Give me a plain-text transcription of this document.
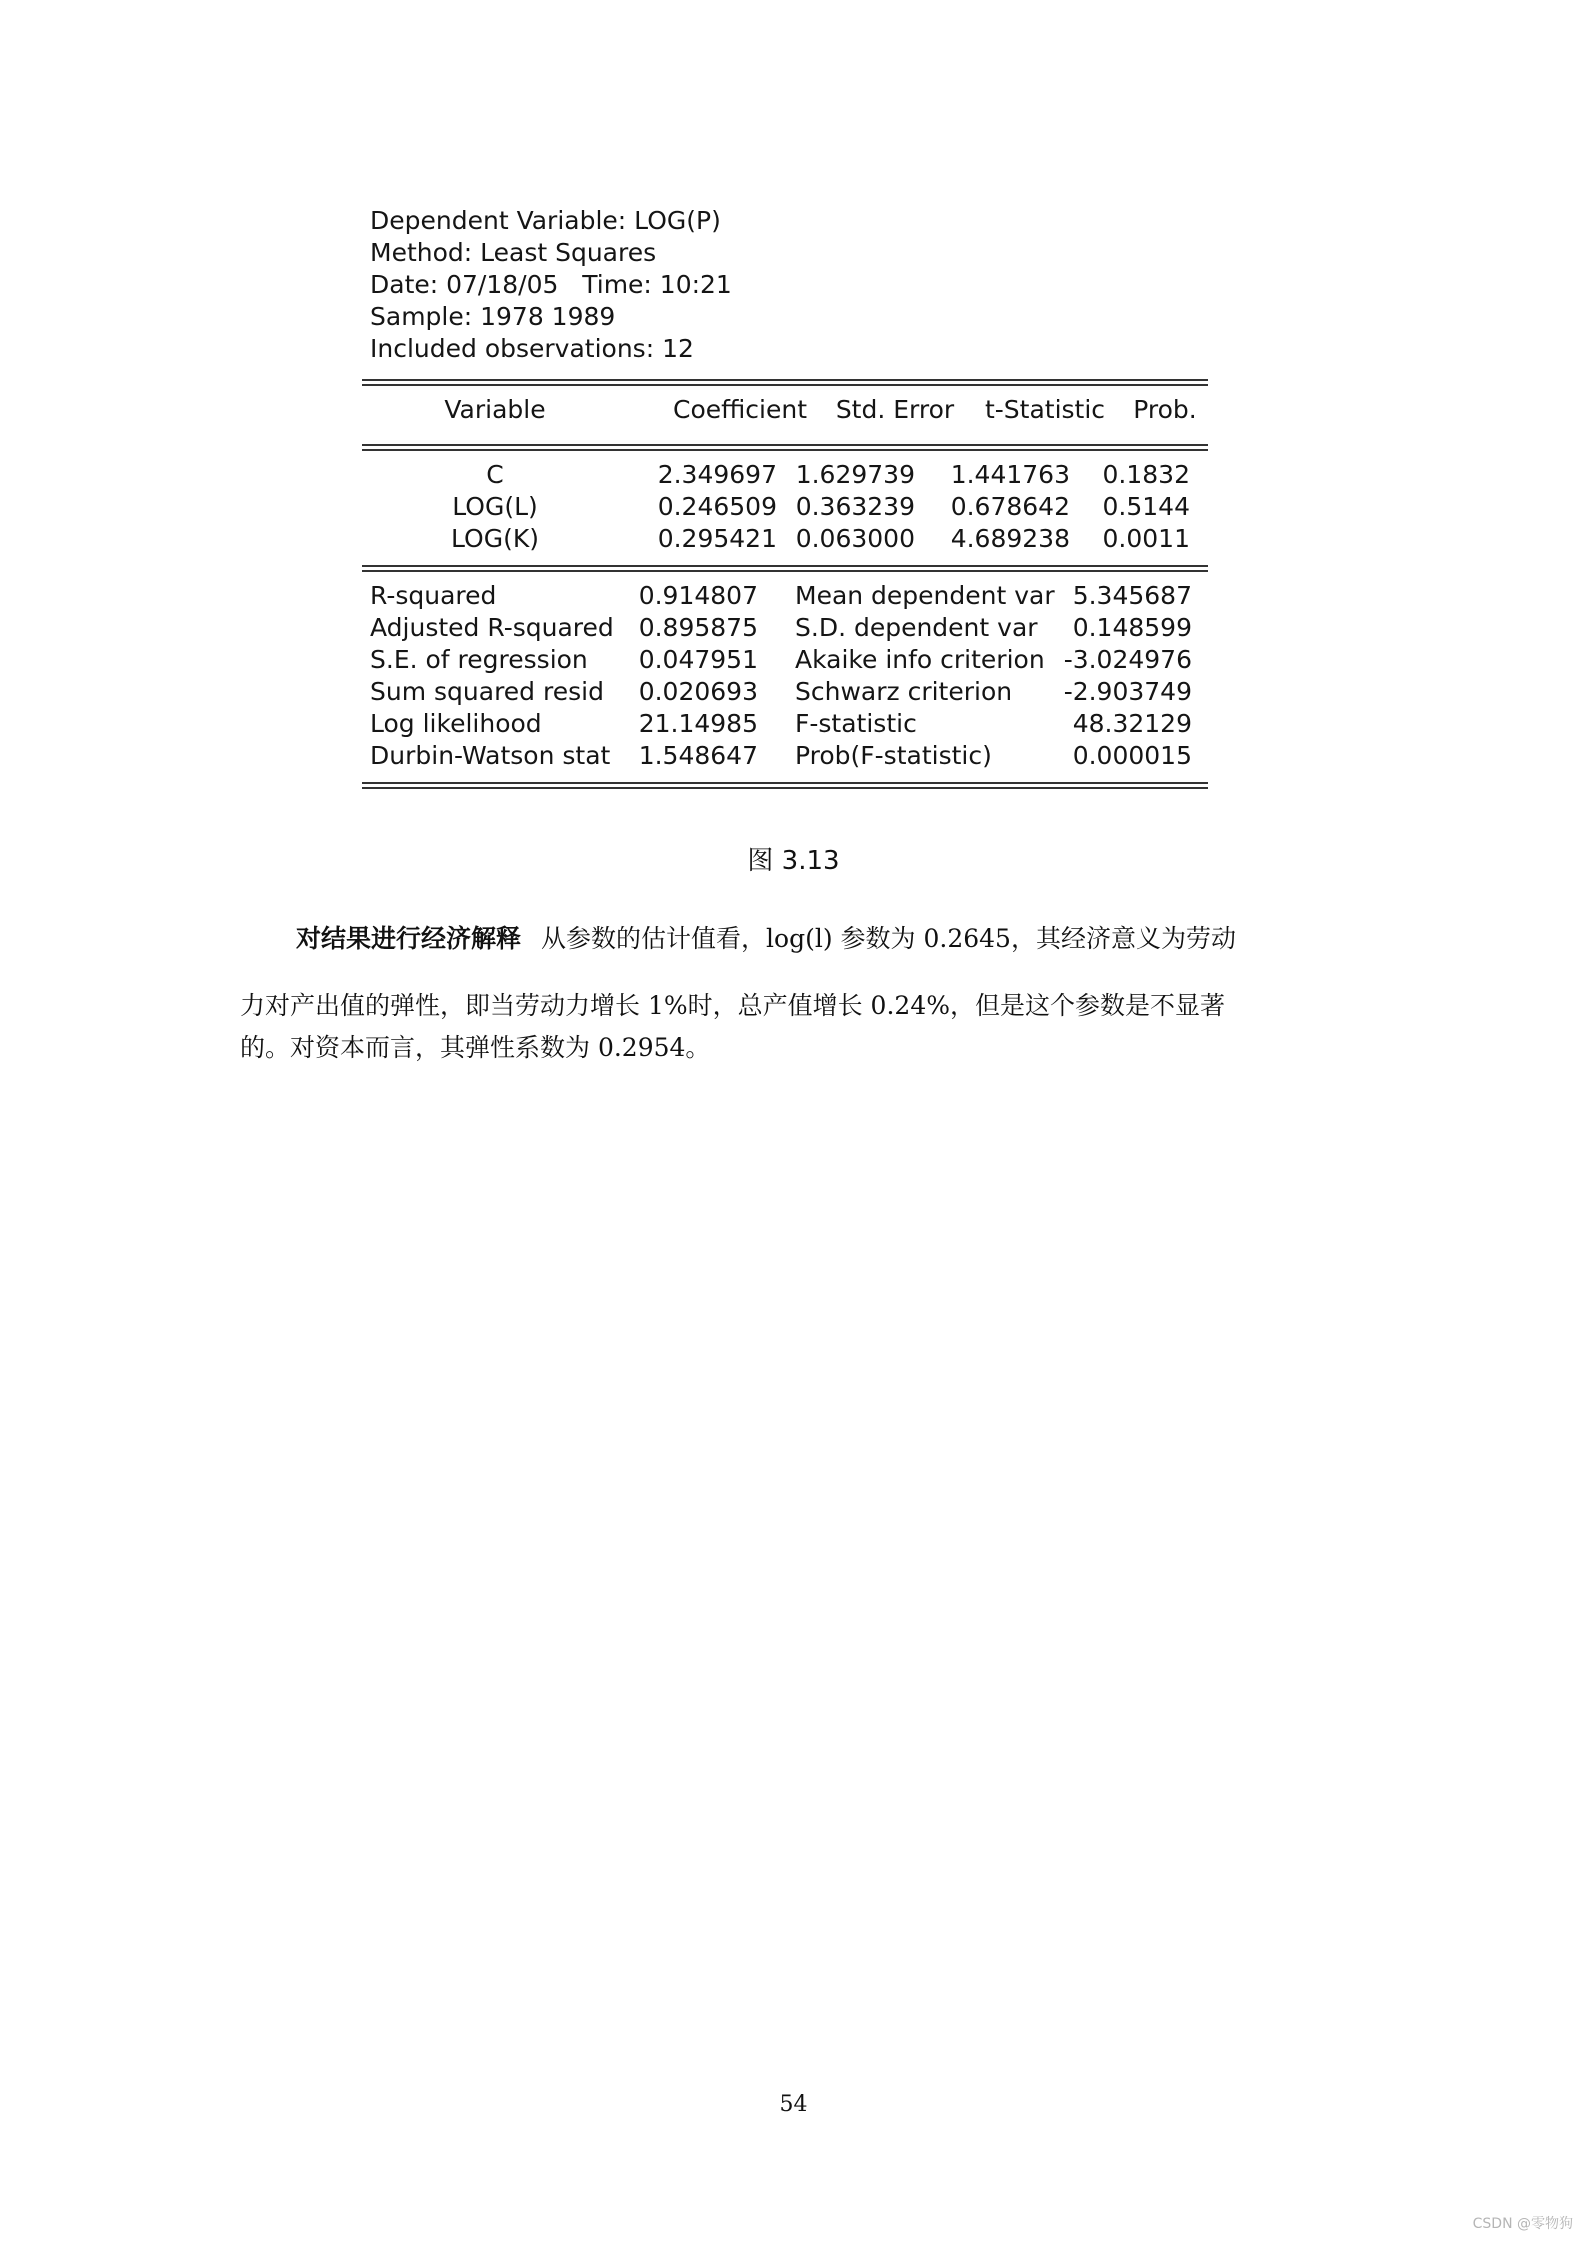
Dependent Variable: LOG(P)
Method: Least Squares
Date: 07/18/05   Time: 10:21
Sample: 1978 1989
Included observations: 12
Variable	Coefficient	Std. Error	t-Statistic	Prob.
C	2.349697 1.629739	1.441763	0.1832
LOG(L)	0.246509 0.363239	0.678642	0.5144
LOG(K)	0.295421 0.063000	4.689238	0.0011
R-squared	0.914807 Mean dependent var 5.345687
Adjusted R-squared 0.895875 S.D. dependent var	0.148599
S.E. of regression	0.047951 Akaike info criterion -3.024976
Sum squared resid	0.020693 Schwarz criterion	-2.903749
Log likelihood	21.14985 F-statistic	48.32129
Durbin-Watson stat	1.548647 Prob(F-statistic)	0.000015
图 3.13
对结果进行经济解释 从参数的估计值看，log(l) 参数为 0.2645，其经济意义为劳动
力对产出值的弹性，即当劳动力增长 1%时，总产值增长 0.24%，但是这个参数是不显著
的。对资本而言，其弹性系数为 0.2954。
54
CSDN @零物狗
